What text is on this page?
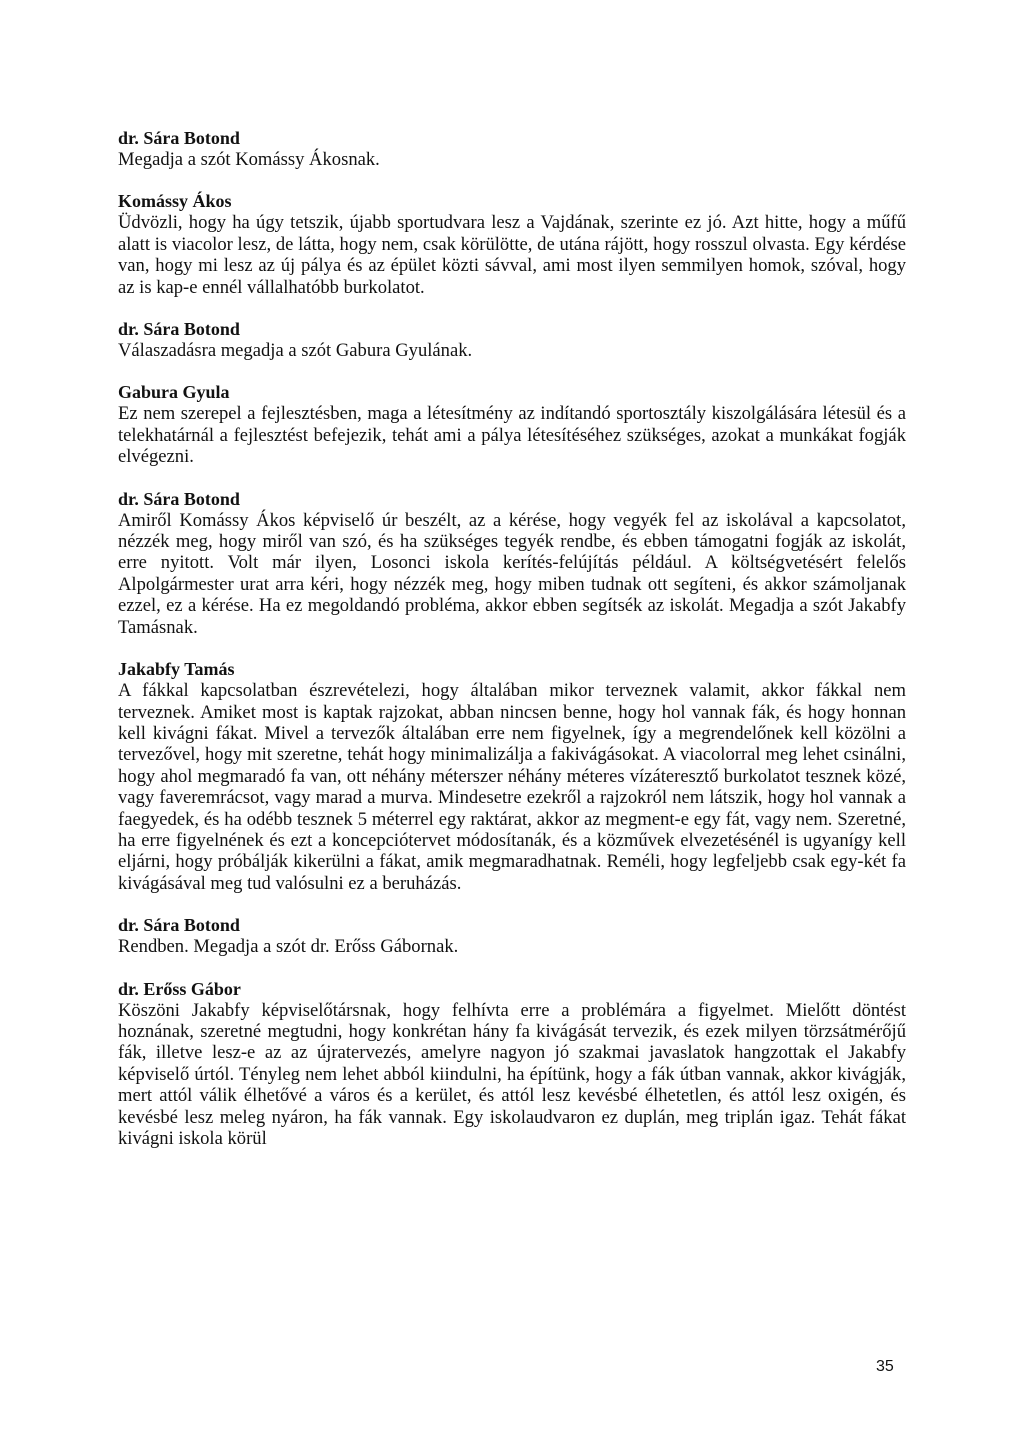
dr. Sára Botond

Megadja a szót Komássy Ákosnak.

Komássy Ákos

Üdvözli, hogy ha úgy tetszik, újabb sportudvara lesz a Vajdának, szerinte ez jó. Azt hitte, hogy a műfű alatt is viacolor lesz, de látta, hogy nem, csak körülötte, de utána rájött, hogy rosszul olvasta. Egy kérdése van, hogy mi lesz az új pálya és az épület közti sávval, ami most ilyen semmilyen homok, szóval, hogy az is kap-e ennél vállalhatóbb burkolatot.

dr. Sára Botond

Válaszadásra megadja a szót Gabura Gyulának.

Gabura Gyula

Ez nem szerepel a fejlesztésben, maga a létesítmény az indítandó sportosztály kiszolgálására létesül és a telekhatárnál a fejlesztést befejezik, tehát ami a pálya létesítéséhez szükséges, azokat a munkákat fogják elvégezni.

dr. Sára Botond

Amiről Komássy Ákos képviselő úr beszélt, az a kérése, hogy vegyék fel az iskolával a kapcsolatot, nézzék meg, hogy miről van szó, és ha szükséges tegyék rendbe, és ebben támogatni fogják az iskolát, erre nyitott. Volt már ilyen, Losonci iskola kerítés-felújítás például. A költségvetésért felelős Alpolgármester urat arra kéri, hogy nézzék meg, hogy miben tudnak ott segíteni, és akkor számoljanak ezzel, ez a kérése. Ha ez megoldandó probléma, akkor ebben segítsék az iskolát. Megadja a szót Jakabfy Tamásnak.

Jakabfy Tamás

A fákkal kapcsolatban észrevételezi, hogy általában mikor terveznek valamit, akkor fákkal nem terveznek. Amiket most is kaptak rajzokat, abban nincsen benne, hogy hol vannak fák, és hogy honnan kell kivágni fákat. Mivel a tervezők általában erre nem figyelnek, így a megrendelőnek kell közölni a tervezővel, hogy mit szeretne, tehát hogy minimalizálja a fakivágásokat. A viacolorral meg lehet csinálni, hogy ahol megmaradó fa van, ott néhány méterszer néhány méteres vízáteresztő burkolatot tesznek közé, vagy faveremrácsot, vagy marad a murva. Mindesetre ezekről a rajzokról nem látszik, hogy hol vannak a faegyedek, és ha odébb tesznek 5 méterrel egy raktárat, akkor az megment-e egy fát, vagy nem. Szeretné, ha erre figyelnének és ezt a koncepciótervet módosítanák, és a közművek elvezetésénél is ugyanígy kell eljárni, hogy próbálják kikerülni a fákat, amik megmaradhatnak. Reméli, hogy legfeljebb csak egy-két fa kivágásával meg tud valósulni ez a beruházás.

dr. Sára Botond

Rendben. Megadja a szót dr. Erőss Gábornak.

dr. Erőss Gábor

Köszöni Jakabfy képviselőtársnak, hogy felhívta erre a problémára a figyelmet. Mielőtt döntést hoznának, szeretné megtudni, hogy konkrétan hány fa kivágását tervezik, és ezek milyen törzsátmérőjű fák, illetve lesz-e az az újratervezés, amelyre nagyon jó szakmai javaslatok hangzottak el Jakabfy képviselő úrtól. Tényleg nem lehet abból kiindulni, ha építünk, hogy a fák útban vannak, akkor kivágják, mert attól válik élhetővé a város és a kerület, és attól lesz kevésbé élhetetlen, és attól lesz oxigén, és kevésbé lesz meleg nyáron, ha fák vannak. Egy iskolaudvaron ez duplán, meg triplán igaz. Tehát fákat kivágni iskola körül

35
